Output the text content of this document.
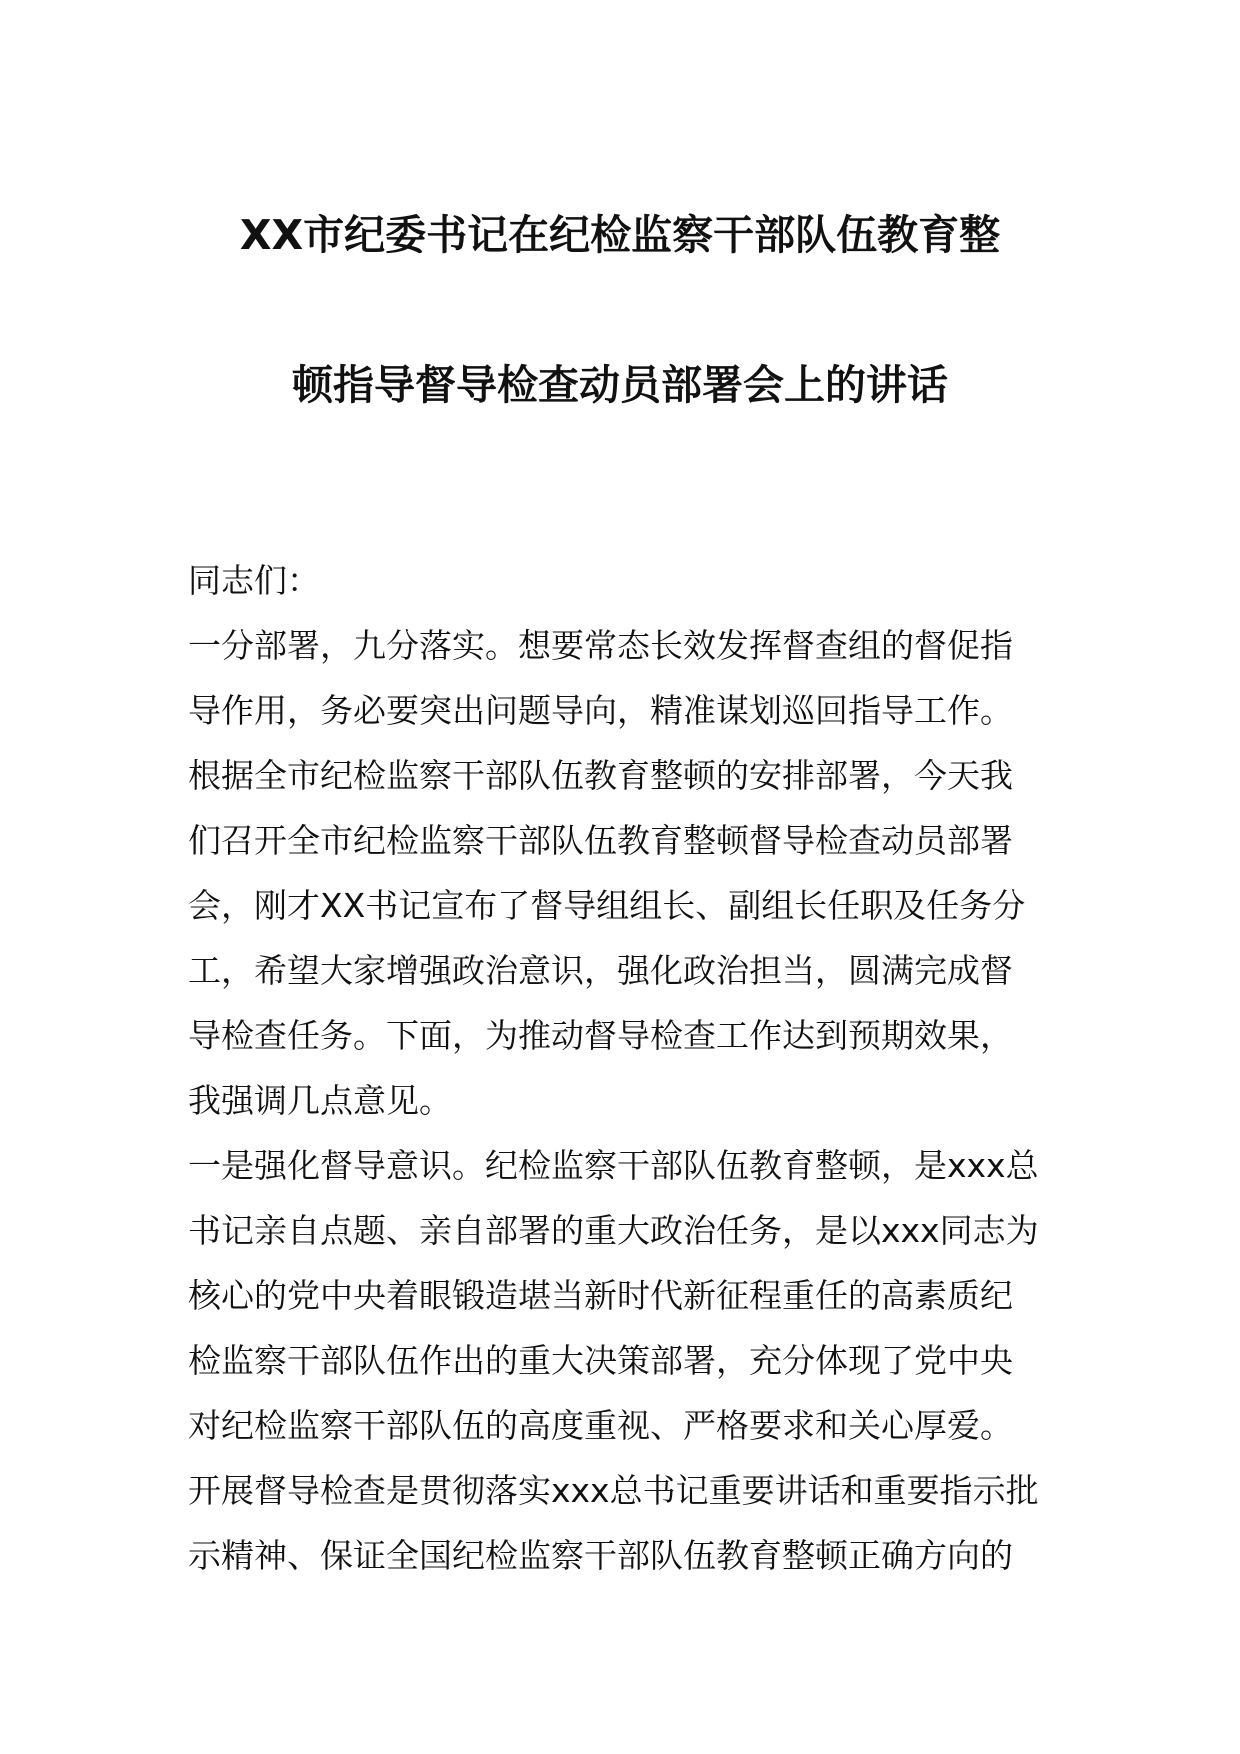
XX市纪委书记在纪检监察干部队伍教育整
顿指导督导检查动员部署会上的讲话
同志们：
一分部署，九分落实。想要常态长效发挥督查组的督促指
导作用，务必要突出问题导向，精准谋划巡回指导工作。
根据全市纪检监察干部队伍教育整顿的安排部署，今天我
们召开全市纪检监察干部队伍教育整顿督导检查动员部署
会，刚才XX书记宣布了督导组组长、副组长任职及任务分
工，希望大家增强政治意识，强化政治担当，圆满完成督
导检查任务。下面，为推动督导检查工作达到预期效果，
我强调几点意见。
一是强化督导意识。纪检监察干部队伍教育整顿，是xxx总
书记亲自点题、亲自部署的重大政治任务，是以xxx同志为
核心的党中央着眼锻造堪当新时代新征程重任的高素质纪
检监察干部队伍作出的重大决策部署，充分体现了党中央
对纪检监察干部队伍的高度重视、严格要求和关心厚爱。
开展督导检查是贯彻落实xxx总书记重要讲话和重要指示批
示精神、保证全国纪检监察干部队伍教育整顿正确方向的
